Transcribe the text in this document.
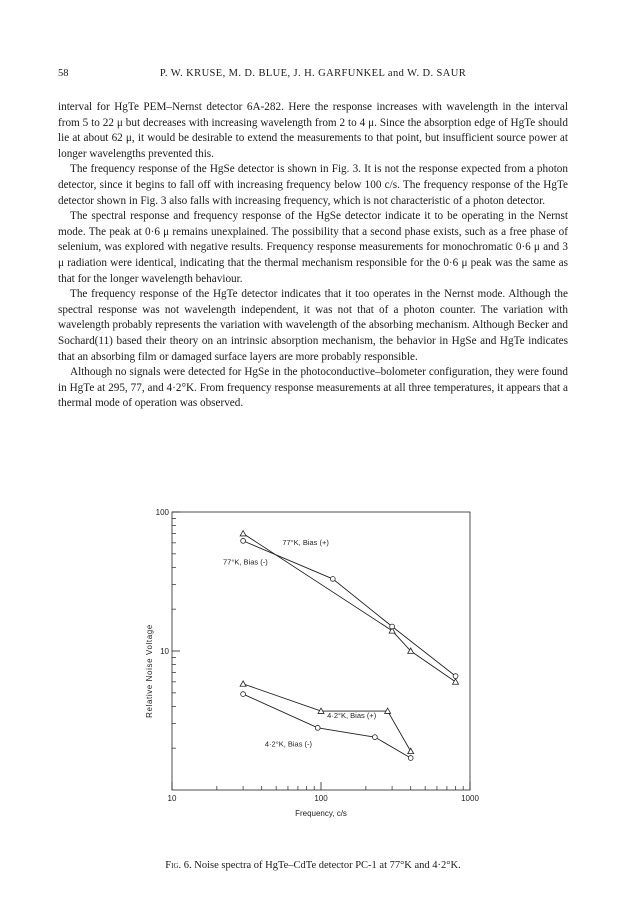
58	P. W. KRUSE, M. D. BLUE, J. H. GARFUNKEL and W. D. SAUR

interval for HgTe PEM–Nernst detector 6A-282. Here the response increases with wavelength in the interval from 5 to 22 μ but decreases with increasing wavelength from 2 to 4 μ. Since the absorption edge of HgTe should lie at about 62 μ, it would be desirable to extend the measurements to that point, but insufficient source power at longer wavelengths prevented this.

The frequency response of the HgSe detector is shown in Fig. 3. It is not the response expected from a photon detector, since it begins to fall off with increasing frequency below 100 c/s. The frequency response of the HgTe detector shown in Fig. 3 also falls with increasing frequency, which is not characteristic of a photon detector.

The spectral response and frequency response of the HgSe detector indicate it to be operating in the Nernst mode. The peak at 0·6 μ remains unexplained. The possibility that a second phase exists, such as a free phase of selenium, was explored with negative results. Frequency response measurements for monochromatic 0·6 μ and 3 μ radiation were identical, indicating that the thermal mechanism responsible for the 0·6 μ peak was the same as that for the longer wavelength behaviour.

The frequency response of the HgTe detector indicates that it too operates in the Nernst mode. Although the spectral response was not wavelength independent, it was not that of a photon counter. The variation with wavelength probably represents the variation with wavelength of the absorbing mechanism. Although Becker and Sochard(11) based their theory on an intrinsic absorption mechanism, the behavior in HgSe and HgTe indicates that an absorbing film or damaged surface layers are more probably responsible.

Although no signals were detected for HgSe in the photoconductive–bolometer configuration, they were found in HgTe at 295, 77, and 4·2°K. From frequency response measurements at all three temperatures, it appears that a thermal mode of operation was observed.

10	100	1000
100
10
Frequency, c/s
Relative Noise Voltage
77°K, Bias (+)
77°K, Bias (-)
4·2°K, Bias (+)
4·2°K, Bias (-)
Fig. 6. Noise spectra of HgTe–CdTe detector PC-1 at 77°K and 4·2°K.
